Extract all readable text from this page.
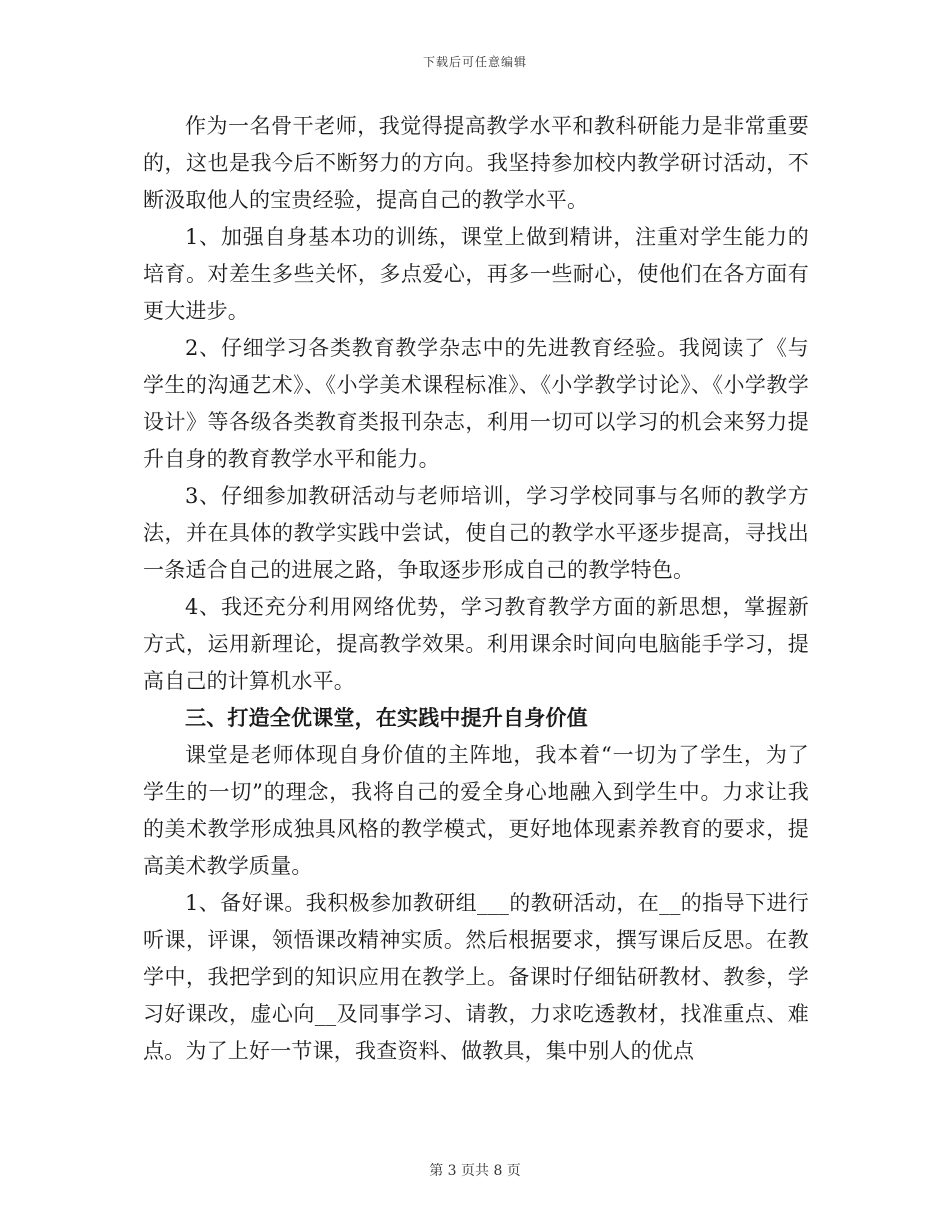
下载后可任意编辑

作为一名骨干老师，我觉得提高教学水平和教科研能力是非常重要的，这也是我今后不断努力的方向。我坚持参加校内教学研讨活动，不断汲取他人的宝贵经验，提高自己的教学水平。

1、加强自身基本功的训练，课堂上做到精讲，注重对学生能力的培育。对差生多些关怀，多点爱心，再多一些耐心，使他们在各方面有更大进步。

2、仔细学习各类教育教学杂志中的先进教育经验。我阅读了《与学生的沟通艺术》、《小学美术课程标准》、《小学教学讨论》、《小学教学设计》等各级各类教育类报刊杂志，利用一切可以学习的机会来努力提升自身的教育教学水平和能力。

3、仔细参加教研活动与老师培训，学习学校同事与名师的教学方法，并在具体的教学实践中尝试，使自己的教学水平逐步提高，寻找出一条适合自己的进展之路，争取逐步形成自己的教学特色。

4、我还充分利用网络优势，学习教育教学方面的新思想，掌握新方式，运用新理论，提高教学效果。利用课余时间向电脑能手学习，提高自己的计算机水平。

三、打造全优课堂，在实践中提升自身价值

课堂是老师体现自身价值的主阵地，我本着“一切为了学生，为了学生的一切”的理念，我将自己的爱全身心地融入到学生中。力求让我的美术教学形成独具风格的教学模式，更好地体现素养教育的要求，提高美术教学质量。

1、备好课。我积极参加教研组___的教研活动，在__的指导下进行听课，评课，领悟课改精神实质。然后根据要求，撰写课后反思。在教学中，我把学到的知识应用在教学上。备课时仔细钻研教材、教参，学习好课改，虚心向__及同事学习、请教，力求吃透教材，找准重点、难点。为了上好一节课，我查资料、做教具，集中别人的优点

第 3 页共 8 页
